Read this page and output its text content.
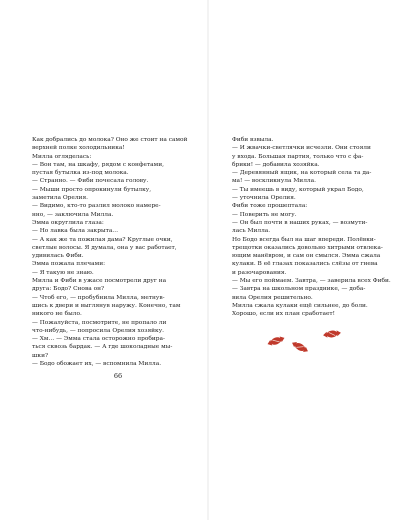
Как добрались до молока? Оно же стоит на самой
верхней полке холодильника!
Милла огляделась:
— Вон там, на шкафу, рядом с конфетами,
пустая бутылка из-под молока.
— Странно. — Фиби почесала голову.
— Мыши просто опрокинули бутылку,
заметила Орелия.
— Видимо, кто-то разлил молоко намере-
нно, — заключила Милла.
Эмма округлила глаза:
— Но лавка была закрыта…
— А как же та пожилая дама? Круглые очки,
светлые волосы. Я думала, она у вас работает,
удивилась Фиби.
Эмма пожала плечами:
— Я такую не знаю.
Милла и Фиби в ужасе посмотрели друг на
друга: Бодо? Снова он?
— Чтоб его, — пробубнила Милла, метнув-
шись к двери и выглянув наружу. Конечно, там
никого не было.
— Пожалуйста, посмотрите, не пропало ли
что-нибудь, — попросила Орелия хозяйку.
— Хм… — Эмма стала осторожно пробира-
ться сквозь бардак. — А где шоколадные мы-
шки?
— Бодо обожает их, — вспомнила Милла.
66
Фиби взвыла.
— И жвачки-светлячки исчезли. Они стояли
у входа. Большая партия, только что с фа-
брики! — добавила хозяйка.
— Деревянный ящик, на который села та да-
ма! — воскликнула Милла.
— Ты имеешь в виду, который украл Бодо,
— уточнила Орелия.
Фиби тоже прошептала:
— Поверить не могу.
— Он был почти в наших руках, — возмути-
лась Милла.
Но Бодо всегда был на шаг впереди. Полёвки-
трещотки оказались довольно хитрыми отвлека-
ющим манёвром, и сам он смылся. Эмма сжала
кулаки. В её глазах показались слёзы от гнева
и разочарования.
— Мы его поймаем. Завтра, — заверила всех Фиби.
— Завтра на школьном празднике, — доба-
вила Орелия решительно.
Милла сжала кулаки ещё сильнее, до боли.
Хорошо, если их план сработает!
